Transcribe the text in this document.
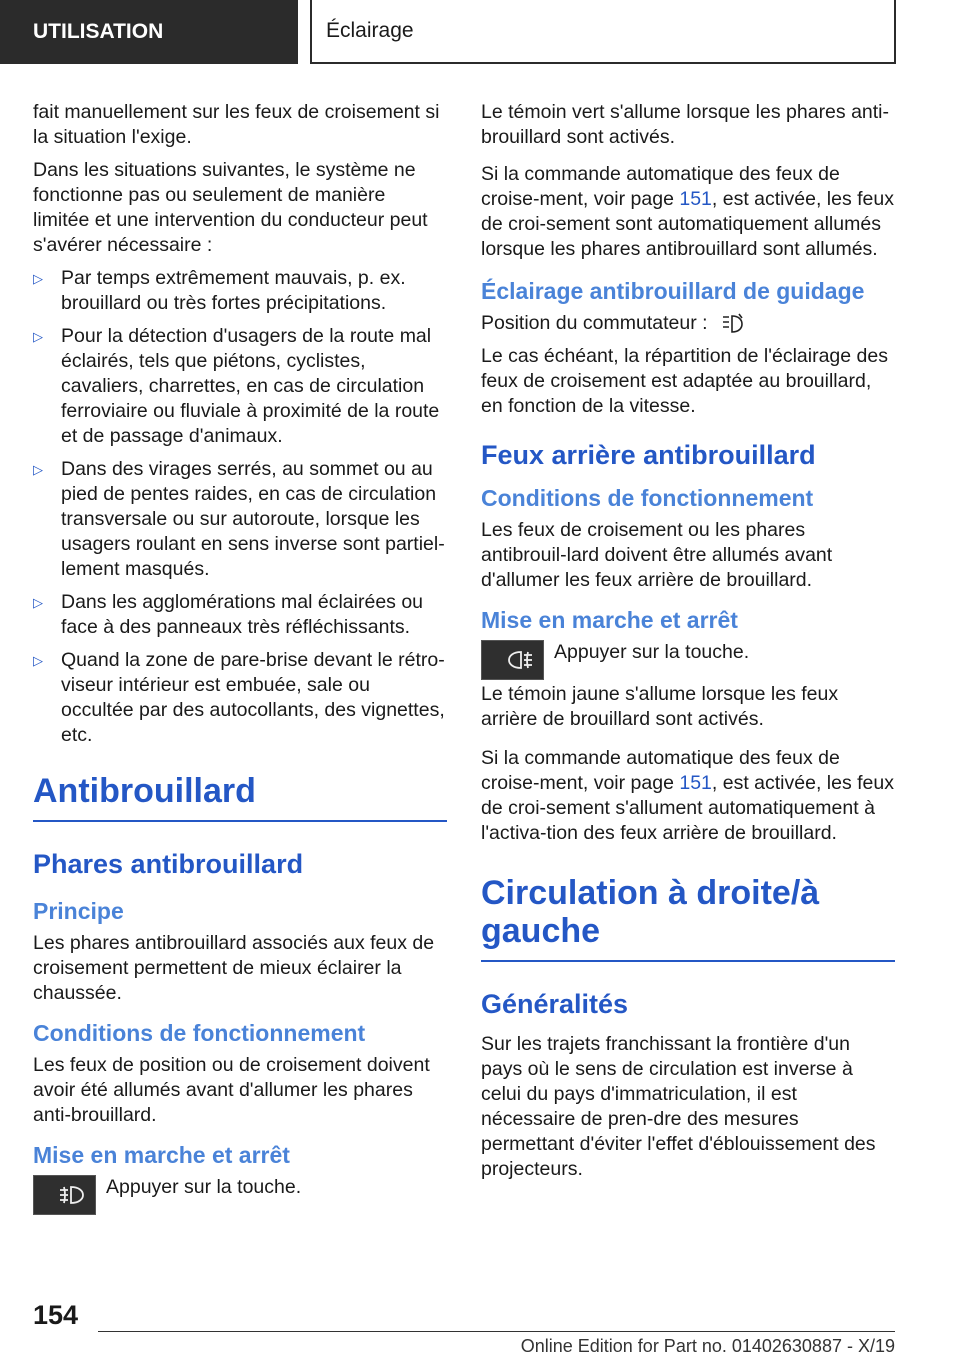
UTILISATION	Éclairage

fait manuellement sur les feux de croisement si la situation l'exige.

Dans les situations suivantes, le système ne fonctionne pas ou seulement de manière limitée et une intervention du conducteur peut s'avérer nécessaire :

▷ Par temps extrêmement mauvais, p. ex. brouillard ou très fortes précipitations.
▷ Pour la détection d'usagers de la route mal éclairés, tels que piétons, cyclistes, cavaliers, charrettes, en cas de circulation ferroviaire ou fluviale à proximité de la route et de passage d'animaux.
▷ Dans des virages serrés, au sommet ou au pied de pentes raides, en cas de circulation transversale ou sur autoroute, lorsque les usagers roulant en sens inverse sont partiel-lement masqués.
▷ Dans les agglomérations mal éclairées ou face à des panneaux très réfléchissants.
▷ Quand la zone de pare-brise devant le rétro-viseur intérieur est embuée, sale ou occultée par des autocollants, des vignettes, etc.
Antibrouillard
Phares antibrouillard
Principe

Les phares antibrouillard associés aux feux de croisement permettent de mieux éclairer la chaussée.

Conditions de fonctionnement

Les feux de position ou de croisement doivent avoir été allumés avant d'allumer les phares anti-brouillard.

Mise en marche et arrêt
Appuyer sur la touche.

Le témoin vert s'allume lorsque les phares anti-brouillard sont activés.

Si la commande automatique des feux de croise-ment, voir page 151, est activée, les feux de croi-sement sont automatiquement allumés lorsque les phares antibrouillard sont allumés.

Éclairage antibrouillard de guidage

Position du commutateur :

Le cas échéant, la répartition de l'éclairage des feux de croisement est adaptée au brouillard, en fonction de la vitesse.

Feux arrière antibrouillard
Conditions de fonctionnement

Les feux de croisement ou les phares antibrouil-lard doivent être allumés avant d'allumer les feux arrière de brouillard.

Mise en marche et arrêt
Appuyer sur la touche.

Le témoin jaune s'allume lorsque les feux arrière de brouillard sont activés.

Si la commande automatique des feux de croise-ment, voir page 151, est activée, les feux de croi-sement s'allument automatiquement à l'activa-tion des feux arrière de brouillard.

Circulation à droite/à gauche
Généralités

Sur les trajets franchissant la frontière d'un pays où le sens de circulation est inverse à celui du pays d'immatriculation, il est nécessaire de pren-dre des mesures permettant d'éviter l'effet d'éblouissement des projecteurs.

154
Online Edition for Part no. 01402630887 - X/19
